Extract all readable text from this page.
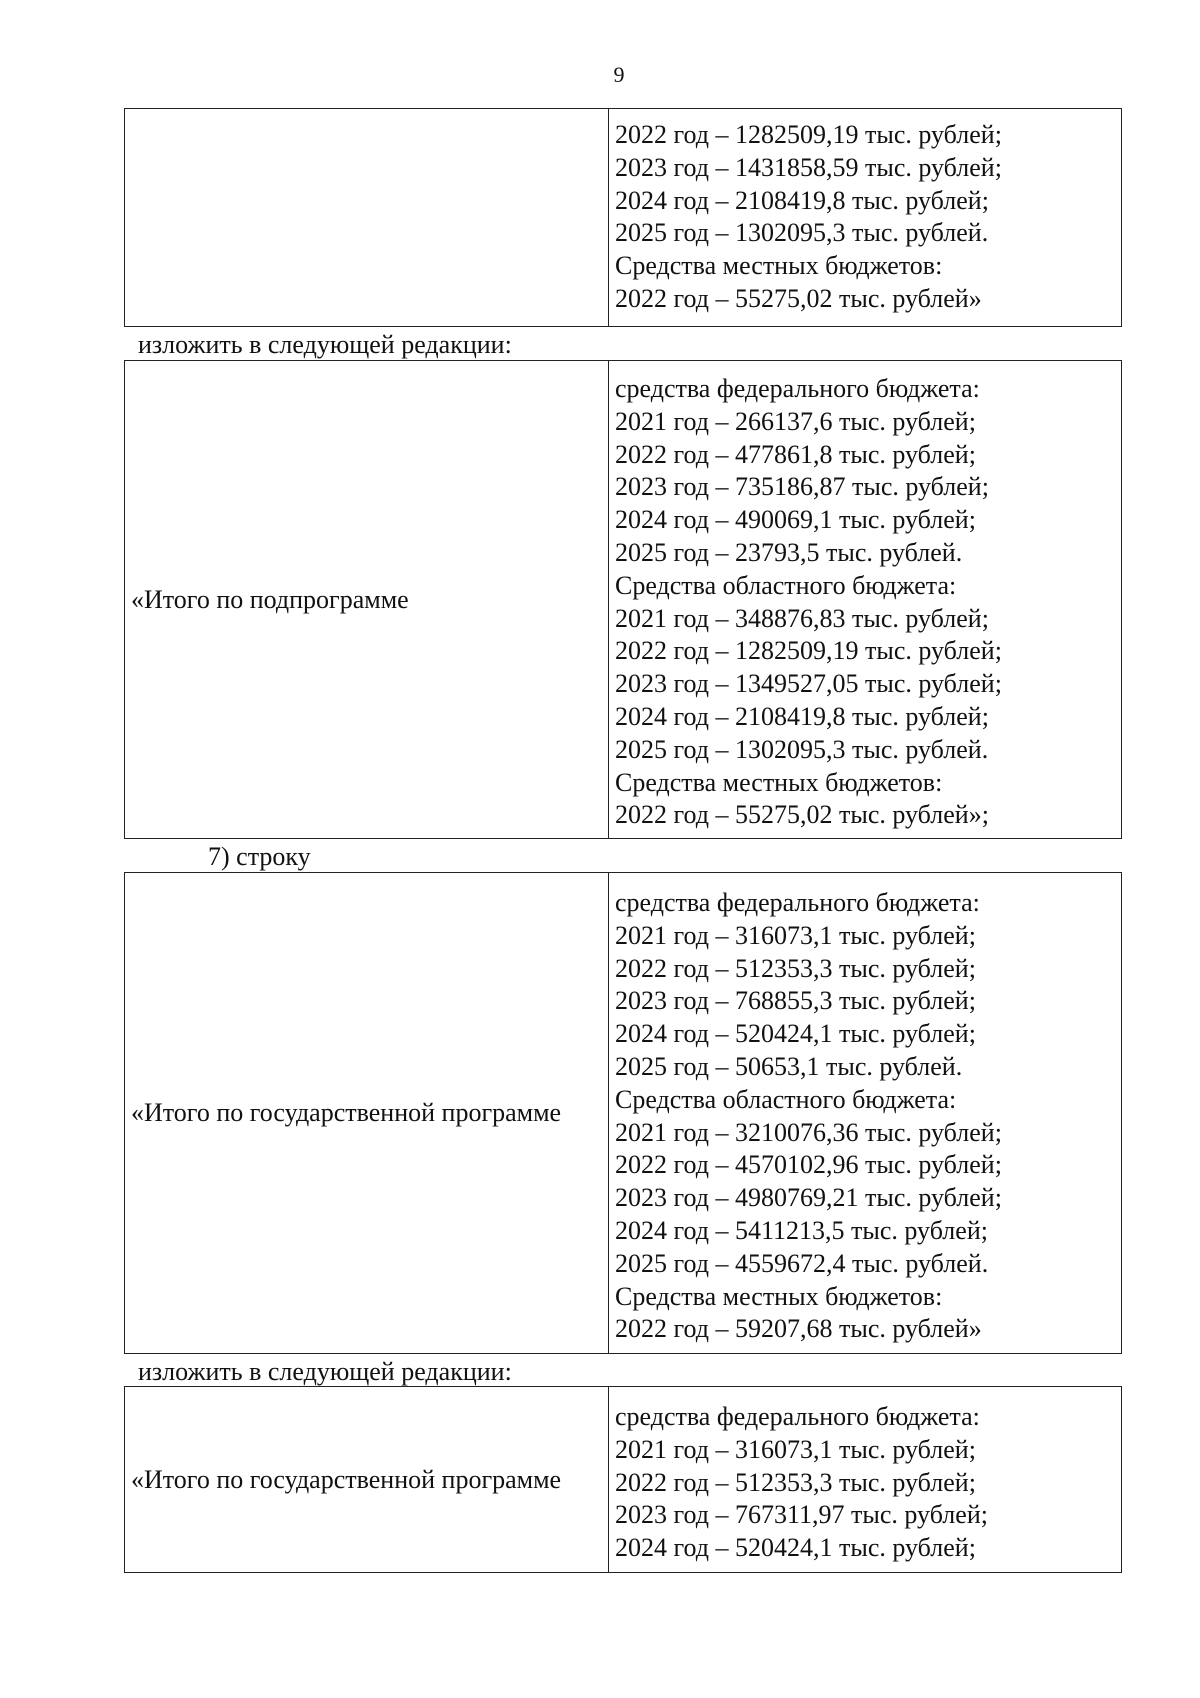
9
2022 год – 1282509,19 тыс. рублей;
2023 год – 1431858,59 тыс. рублей;
2024 год – 2108419,8 тыс. рублей;
2025 год – 1302095,3 тыс. рублей.
Средства местных бюджетов:
2022 год – 55275,02 тыс. рублей»
изложить в следующей редакции:
«Итого по подпрограмме
средства федерального бюджета:
2021 год – 266137,6 тыс. рублей;
2022 год – 477861,8 тыс. рублей;
2023 год – 735186,87 тыс. рублей;
2024 год – 490069,1 тыс. рублей;
2025 год – 23793,5 тыс. рублей.
Средства областного бюджета:
2021 год – 348876,83 тыс. рублей;
2022 год – 1282509,19 тыс. рублей;
2023 год – 1349527,05 тыс. рублей;
2024 год – 2108419,8 тыс. рублей;
2025 год – 1302095,3 тыс. рублей.
Средства местных бюджетов:
2022 год – 55275,02 тыс. рублей»;
7) строку
«Итого по государственной программе
средства федерального бюджета:
2021 год – 316073,1 тыс. рублей;
2022 год – 512353,3 тыс. рублей;
2023 год – 768855,3 тыс. рублей;
2024 год – 520424,1 тыс. рублей;
2025 год – 50653,1 тыс. рублей.
Средства областного бюджета:
2021 год – 3210076,36 тыс. рублей;
2022 год – 4570102,96 тыс. рублей;
2023 год – 4980769,21 тыс. рублей;
2024 год – 5411213,5 тыс. рублей;
2025 год – 4559672,4 тыс. рублей.
Средства местных бюджетов:
2022 год – 59207,68 тыс. рублей»
изложить в следующей редакции:
«Итого по государственной программе
средства федерального бюджета:
2021 год – 316073,1 тыс. рублей;
2022 год – 512353,3 тыс. рублей;
2023 год – 767311,97 тыс. рублей;
2024 год – 520424,1 тыс. рублей;
